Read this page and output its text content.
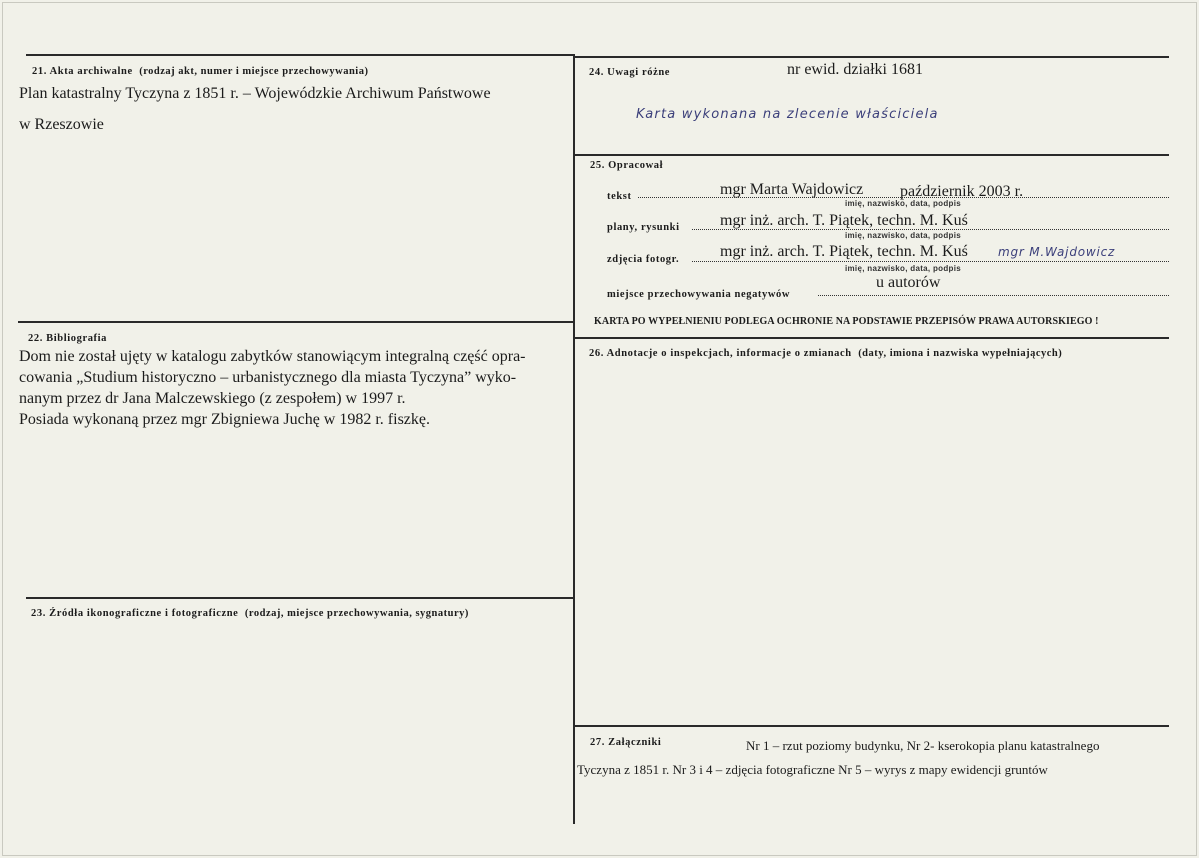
21. Akta archiwalne (rodzaj akt, numer i miejsce przechowywania)
Plan katastralny Tyczyna z 1851 r. – Wojewódzkie Archiwum Państwowe
w Rzeszowie
22. Bibliografia
Dom nie został ujęty w katalogu zabytków stanowiącym integralną część opra-
cowania „Studium historyczno – urbanistycznego dla miasta Tyczyna” wyko-
nanym przez dr Jana Malczewskiego (z zespołem) w 1997 r.
Posiada wykonaną przez mgr Zbigniewa Juchę w 1982 r. fiszkę.
23. Źródła ikonograficzne i fotograficzne (rodzaj, miejsce przechowywania, sygnatury)
24. Uwagi różne	nr ewid. działki 1681
Karta wykonana na zlecenie właściciela
25. Opracował
tekst	mgr Marta Wajdowicz październik 2003 r.
imię, nazwisko, data, podpis
plany, rysunki	mgr inż. arch. T. Piątek, techn. M. Kuś
imię, nazwisko, data, podpis
zdjęcia fotogr.	mgr inż. arch. T. Piątek, techn. M. Kuś	mgr M.Wajdowicz
imię, nazwisko, data, podpis
miejsce przechowywania negatywów
u autorów
KARTA PO WYPEŁNIENIU PODLEGA OCHRONIE NA PODSTAWIE PRZEPISÓW PRAWA AUTORSKIEGO !
26. Adnotacje o inspekcjach, informacje o zmianach (daty, imiona i nazwiska wypełniających)
27. Załączniki	Nr 1 – rzut poziomy budynku, Nr 2- kserokopia planu katastralnego
Tyczyna z 1851 r. Nr 3 i 4 – zdjęcia fotograficzne Nr 5 – wyrys z mapy ewidencji gruntów
